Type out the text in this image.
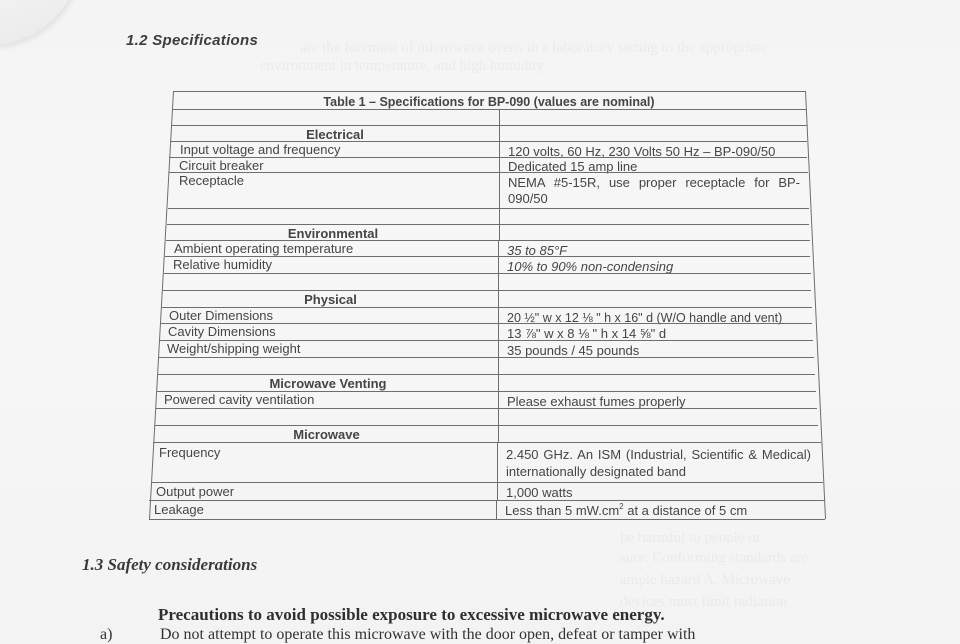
are the foremost of microwave ovens in a laboratory setting to the appropriate
environment in temperature, and high humidity
be harmful to people or
sure. Conforming standards are
ample hazard A. Microwave
devices must limit radiation
1.2 Specifications
Table 1 – Specifications for BP-090 (values are nominal)
Electrical
Input voltage and frequency	120 volts, 60 Hz, 230 Volts 50 Hz – BP-090/50
Circuit breaker	Dedicated 15 amp line
Receptacle	NEMA #5-15R, use proper receptacle for BP-090/50
Environmental
Ambient operating temperature	35 to 85°F
Relative humidity	10% to 90% non-condensing
Physical
Outer Dimensions	20 ½" w x 12 ⅛ " h x 16" d (W/O handle and vent)
Cavity Dimensions	13 ⅞" w x 8 ⅛ " h x 14 ⅝" d
Weight/shipping weight	35 pounds / 45 pounds
Microwave Venting
Powered cavity ventilation	Please exhaust fumes properly
Microwave
Frequency	2.450 GHz. An ISM (Industrial, Scientific & Medical) internationally designated band
Output power	1,000 watts
Leakage	Less than 5 $mW.cm^2$ at a distance of 5 cm
1.3 Safety considerations
Precautions to avoid possible exposure to excessive microwave energy.
a)	Do not attempt to operate this microwave with the door open, defeat or tamper with
